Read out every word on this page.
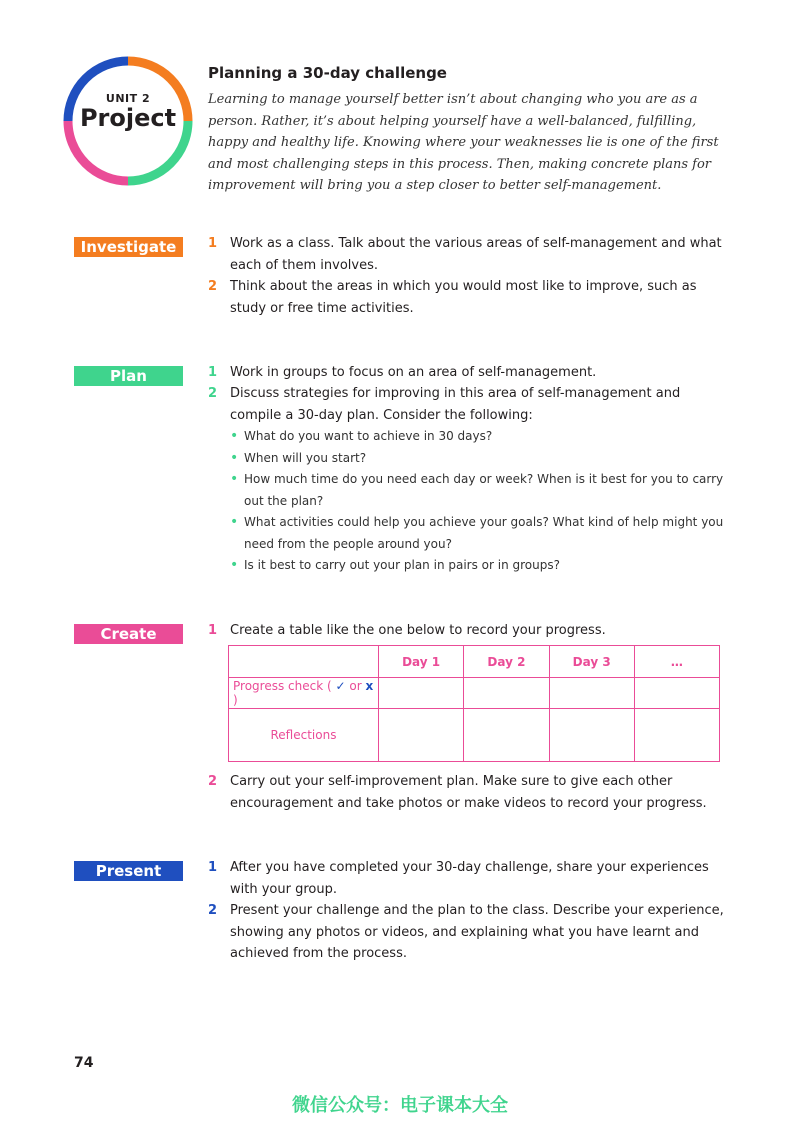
UNIT 2
Project
Planning a 30-day challenge
Learning to manage yourself better isn’t about changing who you are as a person. Rather, it’s about helping yourself have a well-balanced, fulfilling, happy and healthy life. Knowing where your weaknesses lie is one of the first and most challenging steps in this process. Then, making concrete plans for improvement will bring you a step closer to better self-management.
Investigate	1 Work as a class. Talk about the various areas of self-management and what each of them involves.
2 Think about the areas in which you would most like to improve, such as study or free time activities.
Plan	1 Work in groups to focus on an area of self-management.
2 Discuss strategies for improving in this area of self-management and compile a 30-day plan. Consider the following:
• What do you want to achieve in 30 days?
• When will you start?
• How much time do you need each day or week? When is it best for you to carry out the plan?
• What activities could help you achieve your goals? What kind of help might you need from the people around you?
• Is it best to carry out your plan in pairs or in groups?
Create	1 Create a table like the one below to record your progress.
	Day 1	Day 2	Day 3	…
Progress check ( ✓ or x )				
Reflections				
2 Carry out your self-improvement plan. Make sure to give each other encouragement and take photos or make videos to record your progress.
Present	1 After you have completed your 30-day challenge, share your experiences with your group.
2 Present your challenge and the plan to the class. Describe your experience, showing any photos or videos, and explaining what you have learnt and achieved from the process.
74
微信公众号：电子课本大全
